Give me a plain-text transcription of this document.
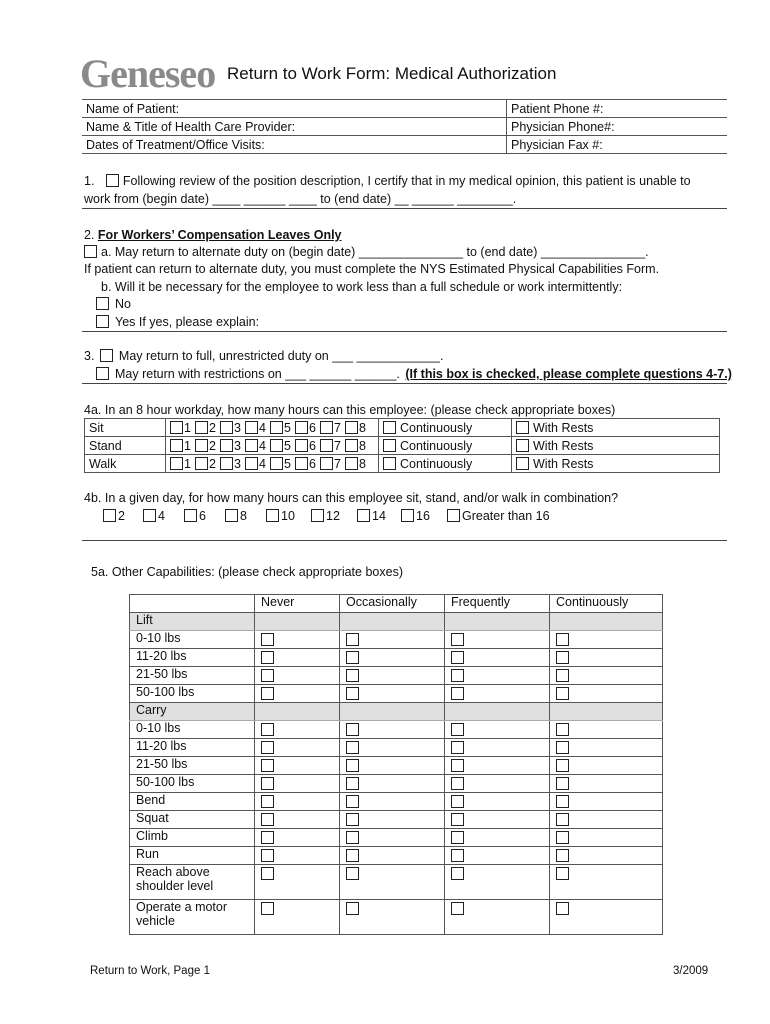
Geneseo Return to Work Form: Medical Authorization
Name of Patient:	Patient Phone #:
Name & Title of Health Care Provider:	Physician Phone#:
Dates of Treatment/Office Visits:	Physician Fax #:
1. Following review of the position description, I certify that in my medical opinion, this patient is unable to
work from (begin date) ____ ______ ____ to (end date) __ ______ ________.
2. For Workers’ Compensation Leaves Only
a. May return to alternate duty on (begin date) _______________ to (end date) _______________.
If patient can return to alternate duty, you must complete the NYS Estimated Physical Capabilities Form.
b. Will it be necessary for the employee to work less than a full schedule or work intermittently:
No
Yes If yes, please explain:
3. May return to full, unrestricted duty on ___ ____________.
May return with restrictions on ___ ______ ______. (If this box is checked, please complete questions 4-7.)
4a. In an 8 hour workday, how many hours can this employee: (please check appropriate boxes)
Sit	1 2 3 4 5 6 7 8	Continuously	With Rests
Stand	1 2 3 4 5 6 7 8	Continuously	With Rests
Walk	1 2 3 4 5 6 7 8	Continuously	With Rests
4b. In a given day, for how many hours can this employee sit, stand, and/or walk in combination?
2	4	6	8	10 12	14 16	Greater than 16
5a. Other Capabilities: (please check appropriate boxes)
	Never	Occasionally	Frequently	Continuously
Lift				
0-10 lbs				
11-20 lbs				
21-50 lbs				
50-100 lbs				
Carry				
0-10 lbs				
11-20 lbs				
21-50 lbs				
50-100 lbs				
Bend				
Squat				
Climb				
Run				

Reach above
shoulder level				

Operate a motor
vehicle				

Return to Work, Page 1	3/2009
